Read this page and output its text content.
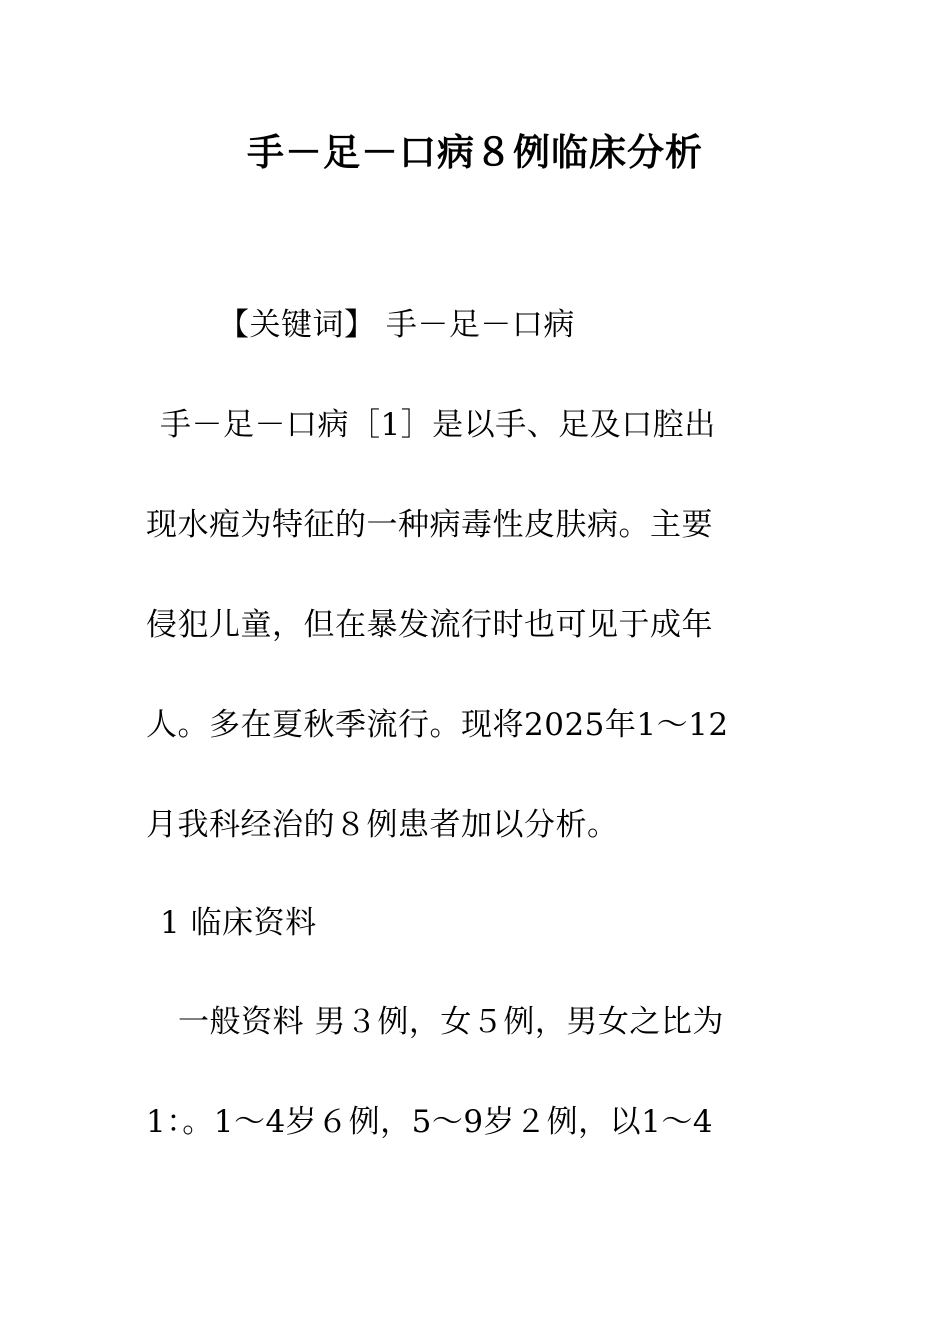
手－足－口病８例临床分析
【关键词】 手－足－口病
手－足－口病［1］是以手、足及口腔出
现水疱为特征的一种病毒性皮肤病。主要
侵犯儿童，但在暴发流行时也可见于成年
人。多在夏秋季流行。现将2025年1～12
月我科经治的８例患者加以分析。
1 临床资料
一般资料 男３例，女５例，男女之比为
1：。1～4岁６例，5～9岁２例，以1～4
